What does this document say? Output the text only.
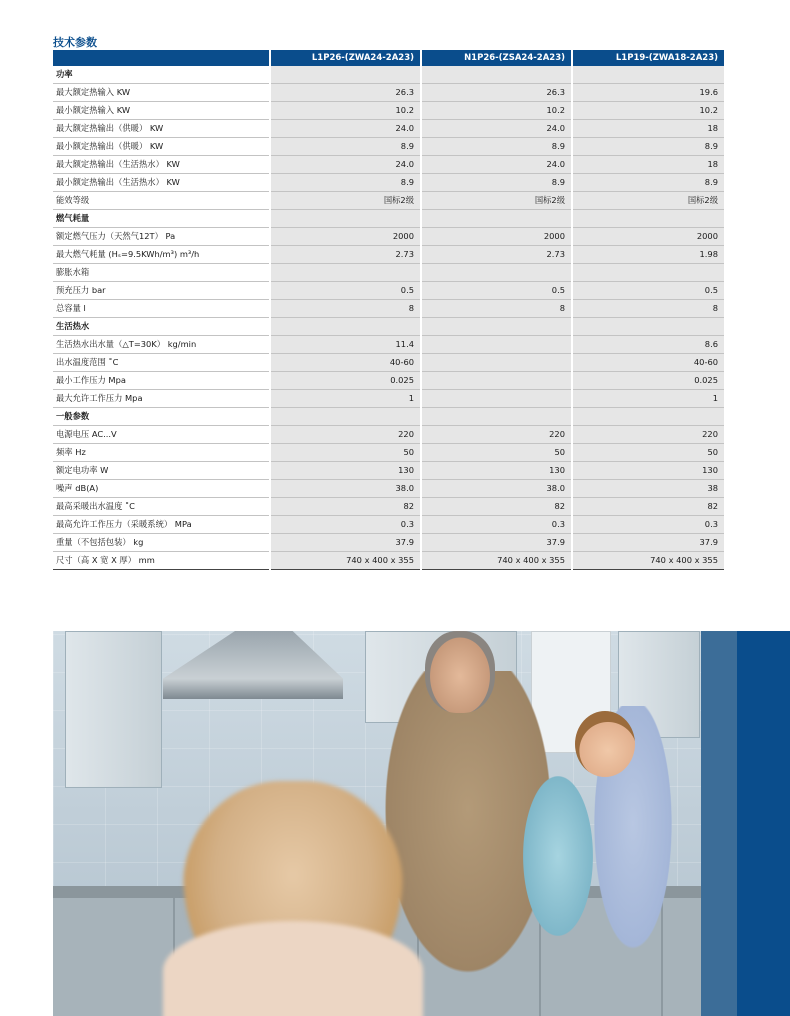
技术参数
	L1P26-(ZWA24-2A23)	N1P26-(ZSA24-2A23)	L1P19-(ZWA18-2A23)
功率			
最大额定热输入 KW	26.3	26.3	19.6
最小额定热输入 KW	10.2	10.2	10.2
最大额定热输出（供暖） KW	24.0	24.0	18
最小额定热输出（供暖） KW	8.9	8.9	8.9
最大额定热输出（生活热水） KW	24.0	24.0	18
最小额定热输出（生活热水） KW	8.9	8.9	8.9
能效等级	国标2级	国标2级	国标2级
燃气耗量			
额定燃气压力（天然气12T） Pa	2000	2000	2000
最大燃气耗量 (Hₛ=9.5KWh/m³) m³/h	2.73	2.73	1.98
膨胀水箱			
预充压力 bar	0.5	0.5	0.5
总容量 l	8	8	8
生活热水			
生活热水出水量（△T=30K） kg/min	11.4		8.6
出水温度范围 ˚C	40-60		40-60
最小工作压力 Mpa	0.025		0.025
最大允许工作压力 Mpa	1		1
一般参数			
电源电压 AC...V	220	220	220
频率 Hz	50	50	50
额定电功率 W	130	130	130
噪声 dB(A)	38.0	38.0	38
最高采暖出水温度 ˚C	82	82	82
最高允许工作压力（采暖系统） MPa	0.3	0.3	0.3
重量（不包括包装） kg	37.9	37.9	37.9
尺寸（高 X 宽 X 厚） mm	740 x 400 x 355	740 x 400 x 355	740 x 400 x 355
